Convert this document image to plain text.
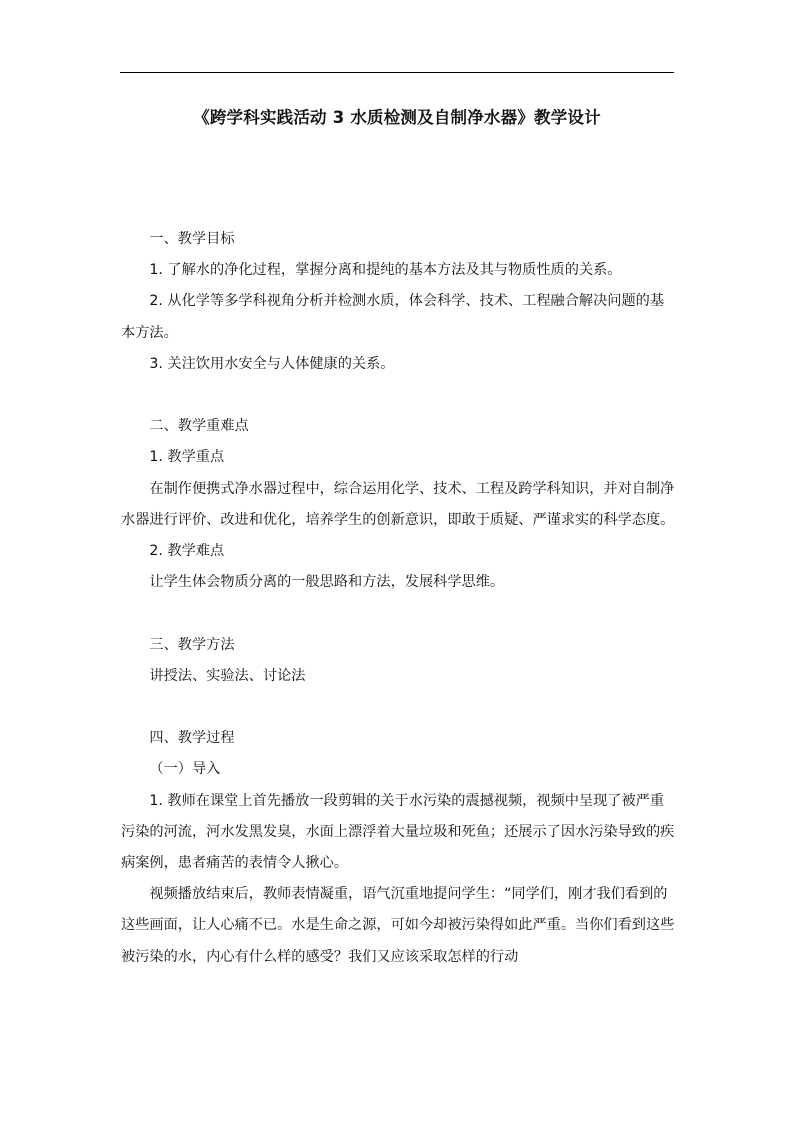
《跨学科实践活动 3 水质检测及自制净水器》教学设计

一、教学目标

1. 了解水的净化过程，掌握分离和提纯的基本方法及其与物质性质的关系。

2. 从化学等多学科视角分析并检测水质，体会科学、技术、工程融合解决问题的基本方法。

3. 关注饮用水安全与人体健康的关系。

二、教学重难点

1. 教学重点

在制作便携式净水器过程中，综合运用化学、技术、工程及跨学科知识，并对自制净水器进行评价、改进和优化，培养学生的创新意识，即敢于质疑、严谨求实的科学态度。

2. 教学难点

让学生体会物质分离的一般思路和方法，发展科学思维。

三、教学方法

讲授法、实验法、讨论法

四、教学过程

（一）导入

1. 教师在课堂上首先播放一段剪辑的关于水污染的震撼视频，视频中呈现了被严重污染的河流，河水发黑发臭，水面上漂浮着大量垃圾和死鱼；还展示了因水污染导致的疾病案例，患者痛苦的表情令人揪心。

视频播放结束后，教师表情凝重，语气沉重地提问学生：“同学们，刚才我们看到的这些画面，让人心痛不已。水是生命之源，可如今却被污染得如此严重。当你们看到这些被污染的水，内心有什么样的感受？我们又应该采取怎样的行动
